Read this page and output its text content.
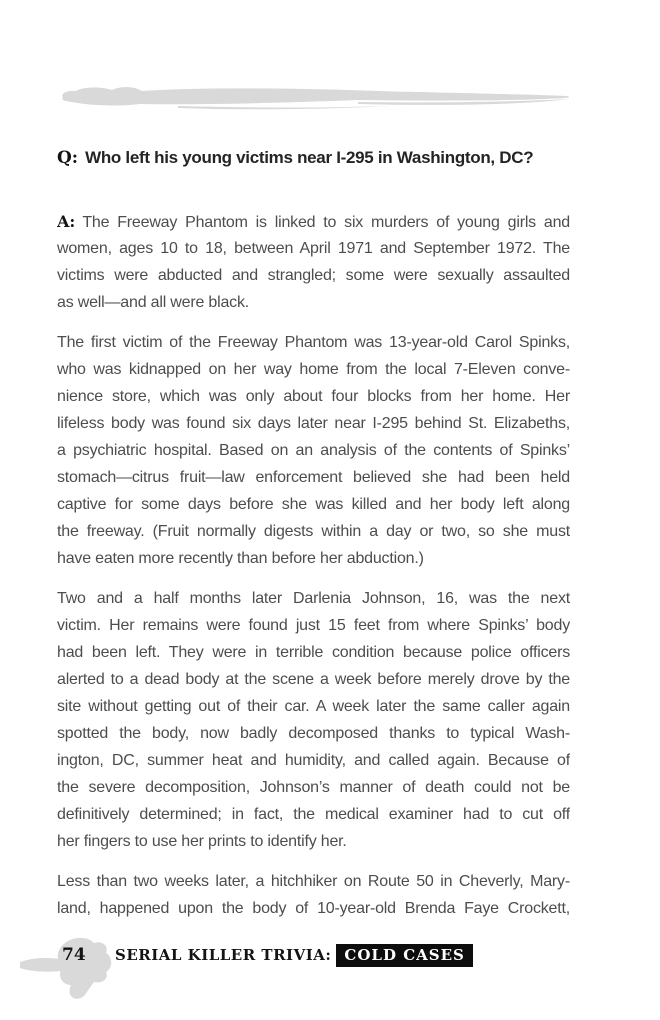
Q: Who left his young victims near I-295 in Washington, DC?
A: The Freeway Phantom is linked to six murders of young girls and
women, ages 10 to 18, between April 1971 and September 1972. The
victims were abducted and strangled; some were sexually assaulted
as well—and all were black.
The first victim of the Freeway Phantom was 13-year-old Carol Spinks,
who was kidnapped on her way home from the local 7-Eleven conve-
nience store, which was only about four blocks from her home. Her
lifeless body was found six days later near I-295 behind St. Elizabeths,
a psychiatric hospital. Based on an analysis of the contents of Spinks’
stomach—citrus fruit—law enforcement believed she had been held
captive for some days before she was killed and her body left along
the freeway. (Fruit normally digests within a day or two, so she must
have eaten more recently than before her abduction.)
Two and a half months later Darlenia Johnson, 16, was the next
victim. Her remains were found just 15 feet from where Spinks’ body
had been left. They were in terrible condition because police officers
alerted to a dead body at the scene a week before merely drove by the
site without getting out of their car. A week later the same caller again
spotted the body, now badly decomposed thanks to typical Wash-
ington, DC, summer heat and humidity, and called again. Because of
the severe decomposition, Johnson’s manner of death could not be
definitively determined; in fact, the medical examiner had to cut off
her fingers to use her prints to identify her.
Less than two weeks later, a hitchhiker on Route 50 in Cheverly, Mary-
land, happened upon the body of 10-year-old Brenda Faye Crockett,
74 SERIAL KILLER TRIVIA: COLD CASES
